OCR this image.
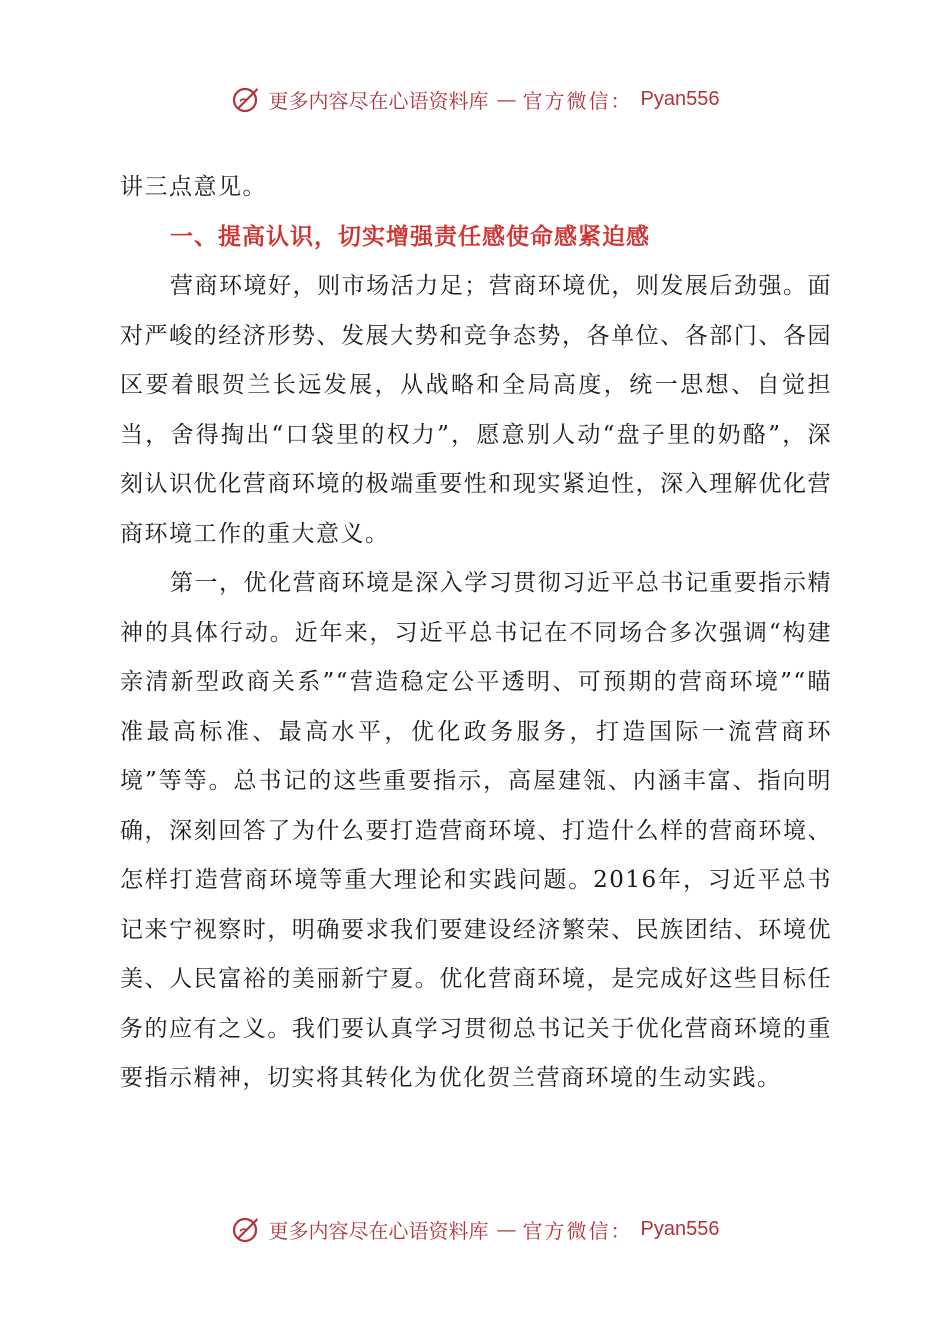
更多内容尽在心语资料库 — 官方微信： Pyan556

讲三点意见。

一、提高认识，切实增强责任感使命感紧迫感

营商环境好，则市场活力足；营商环境优，则发展后劲强。面对严峻的经济形势、发展大势和竞争态势，各单位、各部门、各园区要着眼贺兰长远发展，从战略和全局高度，统一思想、自觉担当，舍得掏出“口袋里的权力”，愿意别人动“盘子里的奶酪”，深刻认识优化营商环境的极端重要性和现实紧迫性，深入理解优化营商环境工作的重大意义。

第一，优化营商环境是深入学习贯彻习近平总书记重要指示精神的具体行动。近年来，习近平总书记在不同场合多次强调“构建亲清新型政商关系”“营造稳定公平透明、可预期的营商环境”“瞄准最高标准、最高水平，优化政务服务，打造国际一流营商环境”等等。总书记的这些重要指示，高屋建瓴、内涵丰富、指向明确，深刻回答了为什么要打造营商环境、打造什么样的营商环境、怎样打造营商环境等重大理论和实践问题。2016年，习近平总书记来宁视察时，明确要求我们要建设经济繁荣、民族团结、环境优美、人民富裕的美丽新宁夏。优化营商环境，是完成好这些目标任务的应有之义。我们要认真学习贯彻总书记关于优化营商环境的重要指示精神，切实将其转化为优化贺兰营商环境的生动实践。

更多内容尽在心语资料库 — 官方微信： Pyan556
